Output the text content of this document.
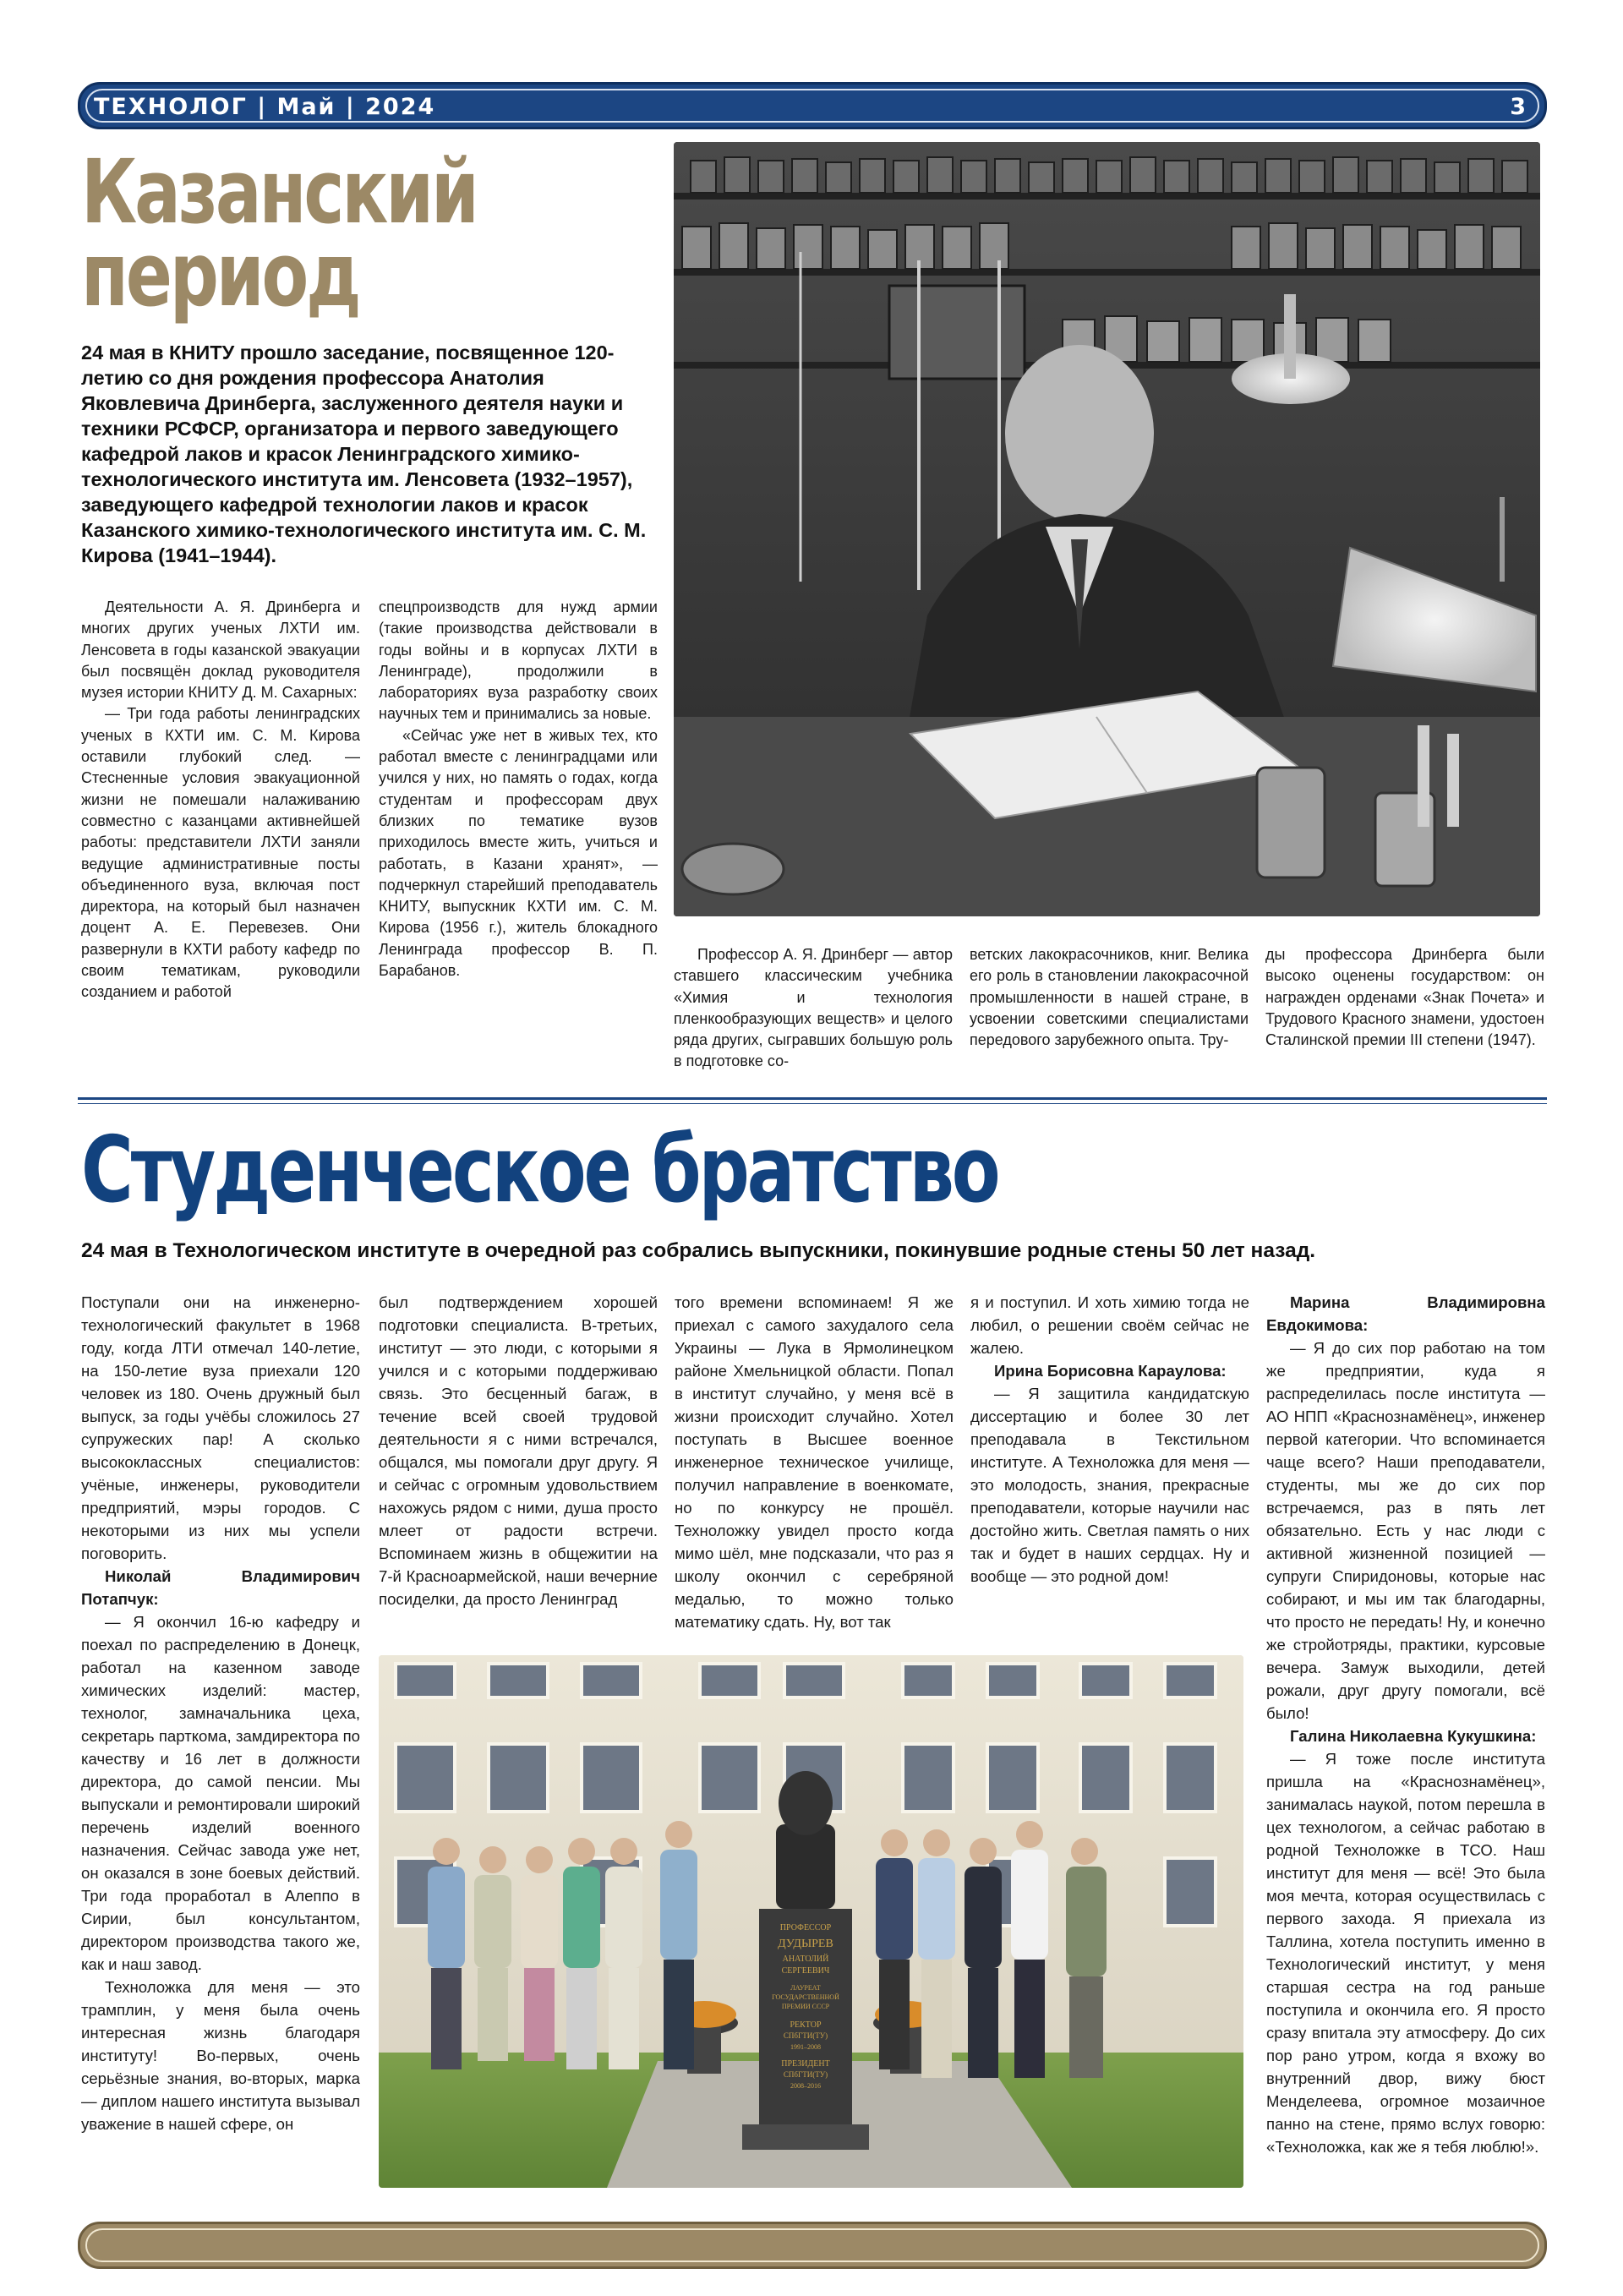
ТЕХНОЛОГ | Май | 2024	3
Казанский
период
24 мая в КНИТУ прошло заседание, посвященное 120-летию со дня рождения профессора Анатолия Яковлевича Дринберга, заслуженного деятеля науки и техники РСФСР, организатора и первого заведующего кафедрой лаков и красок Ленинградского химико-технологического института им. Ленсовета (1932–1957), заведующего кафедрой технологии лаков и красок Казанского химико-технологического института им. С. М. Кирова (1941–1944).

Деятельности А. Я. Дринберга и многих других ученых ЛХТИ им. Ленсовета в годы казанской эвакуации был посвящён доклад руководителя музея истории КНИТУ Д. М. Сахарных:

— Три года работы ленинградских ученых в КХТИ им. С. М. Кирова оставили глубокий след. — Стесненные условия эвакуационной жизни не помешали налаживанию совместно с казанцами активнейшей работы: представители ЛХТИ заняли ведущие административные посты объединенного вуза, включая пост директора, на который был назначен доцент А. Е. Перевезев. Они развернули в КХТИ работу кафедр по своим тематикам, руководили созданием и работой

спецпроизводств для нужд армии (такие производства действовали в годы войны и в корпусах ЛХТИ в Ленинграде), продолжили в лабораториях вуза разработку своих научных тем и принимались за новые.

«Сейчас уже нет в живых тех, кто работал вместе с ленинградцами или учился у них, но память о годах, когда студентам и профессорам двух близких по тематике вузов приходилось вместе жить, учиться и работать, в Казани хранят», — подчеркнул старейший преподаватель КНИТУ, выпускник КХТИ им. С. М. Кирова (1956 г.), житель блокадного Ленинграда профессор В. П. Барабанов.

Профессор А. Я. Дринберг — автор ставшего классическим учебника «Химия и технология пленкообразующих веществ» и целого ряда других, сыгравших большую роль в подготовке со-

ветских лакокрасочников, книг. Велика его роль в становлении лакокрасочной промышленности в нашей стране, в усвоении советскими специалистами передового зарубежного опыта. Тру-

ды профессора Дринберга были высоко оценены государством: он награжден орденами «Знак Почета» и Трудового Красного знамени, удостоен Сталинской премии III степени (1947).

Студенческое братство
24 мая в Технологическом институте в очередной раз собрались выпускники, покинувшие родные стены 50 лет назад.

Поступали они на инженерно-технологический факультет в 1968 году, когда ЛТИ отмечал 140-летие, на 150-летие вуза приехали 120 человек из 180. Очень дружный был выпуск, за годы учёбы сложилось 27 супружеских пар! А сколько высококлассных специалистов: учёные, инженеры, руководители предприятий, мэры городов. С некоторыми из них мы успели поговорить.

Николай Владимирович Потапчук:

— Я окончил 16-ю кафедру и поехал по распределению в Донецк, работал на казенном заводе химических изделий: мастер, технолог, замначальника цеха, секретарь парткома, замдиректора по качеству и 16 лет в должности директора, до самой пенсии. Мы выпускали и ремонтировали широкий перечень изделий военного назначения. Сейчас завода уже нет, он оказался в зоне боевых действий. Три года проработал в Алеппо в Сирии, был консультантом, директором производства такого же, как и наш завод.

Техноложка для меня — это трамплин, у меня была очень интересная жизнь благодаря институту! Во-первых, очень серьёзные знания, во-вторых, марка — диплом нашего института вызывал уважение в нашей сфере, он

был подтверждением хорошей подготовки специалиста. В-третьих, институт — это люди, с которыми я учился и с которыми поддерживаю связь. Это бесценный багаж, в течение всей своей трудовой деятельности я с ними встречался, общался, мы помогали друг другу. Я и сейчас с огромным удовольствием нахожусь рядом с ними, душа просто млеет от радости встречи. Вспоминаем жизнь в общежитии на 7-й Красноармейской, наши вечерние посиделки, да просто Ленинград

того времени вспоминаем! Я же приехал с самого захудалого села Украины — Лука в Ярмолинецком районе Хмельницкой области. Попал в институт случайно, у меня всё в жизни происходит случайно. Хотел поступать в Высшее военное инженерное техническое училище, получил направление в военкомате, но по конкурсу не прошёл. Техноложку увидел просто когда мимо шёл, мне подсказали, что раз я школу окончил с серебряной медалью, то можно только математику сдать. Ну, вот так

я и поступил. И хоть химию тогда не любил, о решении своём сейчас не жалею.

Ирина Борисовна Караулова:

— Я защитила кандидатскую диссертацию и более 30 лет преподавала в Текстильном институте. А Техноложка для меня — это молодость, знания, прекрасные преподаватели, которые научили нас достойно жить. Светлая память о них так и будет в наших сердцах. Ну и вообще — это родной дом!

Марина Владимировна Евдокимова:

— Я до сих пор работаю на том же предприятии, куда я распределилась после института — АО НПП «Краснознамёнец», инженер первой категории. Что вспоминается чаще всего? Наши преподаватели, студенты, мы же до сих пор встречаемся, раз в пять лет обязательно. Есть у нас люди с активной жизненной позицией — супруги Спиридоновы, которые нас собирают, и мы им так благодарны, что просто не передать! Ну, и конечно же стройотряды, практики, курсовые вечера. Замуж выходили, детей рожали, друг другу помогали, всё было!

Галина Николаевна Кукушкина:

— Я тоже после института пришла на «Краснознамёнец», занималась наукой, потом перешла в цех технологом, а сейчас работаю в родной Техноложке в ТСО. Наш институт для меня — всё! Это была моя мечта, которая осуществилась с первого захода. Я приехала из Таллина, хотела поступить именно в Технологический институт, у меня старшая сестра на год раньше поступила и окончила его. Я просто сразу впитала эту атмосферу. До сих пор рано утром, когда я вхожу во внутренний двор, вижу бюст Менделеева, огромное мозаичное панно на стене, прямо вслух говорю: «Техноложка, как же я тебя люблю!».

ПРОФЕССОР
ДУДЫРЕВ
АНАТОЛИЙ
СЕРГЕЕВИЧ
ЛАУРЕАТ
ГОСУДАРСТВЕННОЙ
ПРЕМИИ СССР
РЕКТОР
СПбГТИ(ТУ)
1991–2008
ПРЕЗИДЕНТ
СПбГТИ(ТУ)
2008–2016
